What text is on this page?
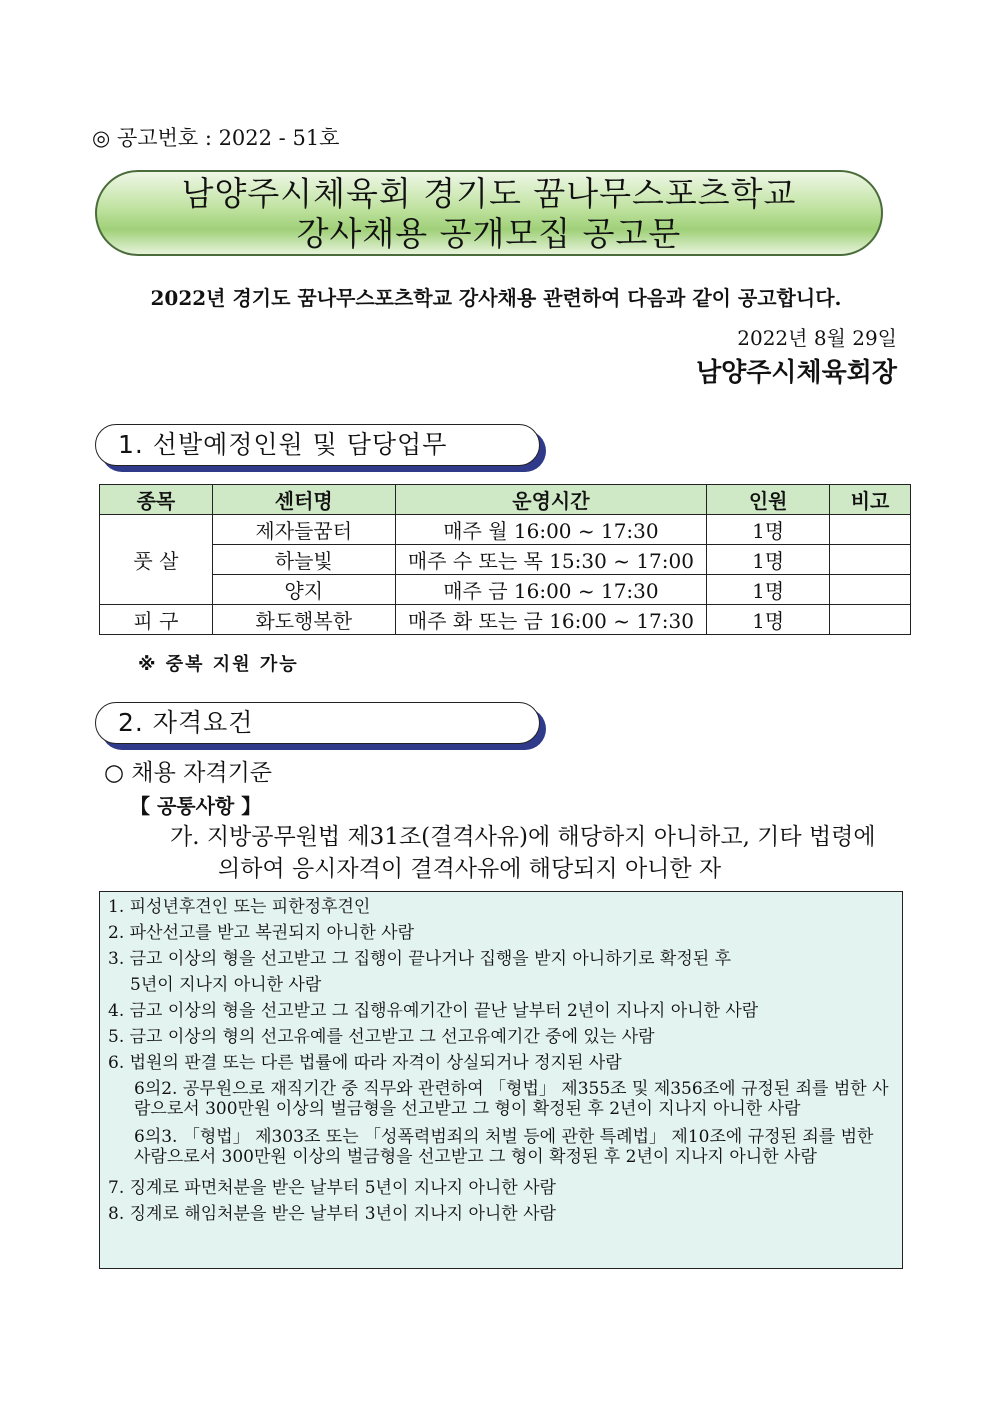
◎ 공고번호 : 2022 - 51호
남양주시체육회 경기도 꿈나무스포츠학교
강사채용 공개모집 공고문
2022년 경기도 꿈나무스포츠학교 강사채용 관련하여 다음과 같이 공고합니다.
2022년 8월 29일
남양주시체육회장
1. 선발예정인원 및 담당업무
종목	센터명	운영시간	인원	비고
풋 살	제자들꿈터	매주 월 16:00 ~ 17:30	1명	
	하늘빛	매주 수 또는 목 15:30 ~ 17:00	1명	
	양지	매주 금 16:00 ~ 17:30	1명	
피 구	화도행복한	매주 화 또는 금 16:00 ~ 17:30	1명	
※ 중복 지원 가능
2. 자격요건
○ 채용 자격기준
【 공통사항 】
가. 지방공무원법 제31조(결격사유)에 해당하지 아니하고, 기타 법령에
의하여 응시자격이 결격사유에 해당되지 아니한 자
1. 피성년후견인 또는 피한정후견인
2. 파산선고를 받고 복권되지 아니한 사람
3. 금고 이상의 형을 선고받고 그 집행이 끝나거나 집행을 받지 아니하기로 확정된 후
5년이 지나지 아니한 사람
4. 금고 이상의 형을 선고받고 그 집행유예기간이 끝난 날부터 2년이 지나지 아니한 사람
5. 금고 이상의 형의 선고유예를 선고받고 그 선고유예기간 중에 있는 사람
6. 법원의 판결 또는 다른 법률에 따라 자격이 상실되거나 정지된 사람
6의2. 공무원으로 재직기간 중 직무와 관련하여 「형법」 제355조 및 제356조에 규정된 죄를 범한 사람으로서 300만원 이상의 벌금형을 선고받고 그 형이 확정된 후 2년이 지나지 아니한 사람
6의3. 「형법」 제303조 또는 「성폭력범죄의 처벌 등에 관한 특례법」 제10조에 규정된 죄를 범한 사람으로서 300만원 이상의 벌금형을 선고받고 그 형이 확정된 후 2년이 지나지 아니한 사람
7. 징계로 파면처분을 받은 날부터 5년이 지나지 아니한 사람
8. 징계로 해임처분을 받은 날부터 3년이 지나지 아니한 사람
